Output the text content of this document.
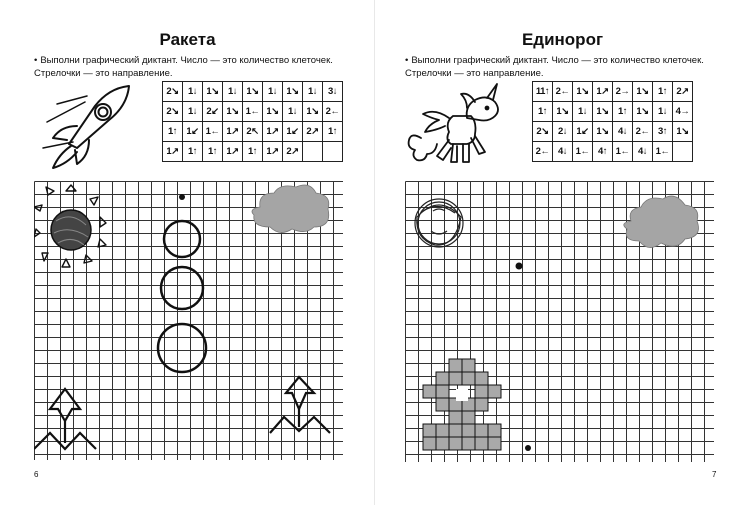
Ракета
• Выполни графический диктант. Число — это количество клеточек. Стрелочки — это направление.
2↘	1↓	1↘	1↓	1↘	1↓	1↘	1↓	3↓
2↘	1↓	2↙	1↘	1←	1↘	1↓	1↘	2←
1↑	1↙	1←	1↗	2↖	1↗	1↙	2↗	1↑
1↗	1↑	1↑	1↗	1↑	1↗	2↗		
6
Единорог
• Выполни графический диктант. Число — это количество клеточек. Стрелочки — это направление.
11↑	2←	1↘	1↗	2→	1↘	1↑	2↗
1↑	1↘	1↓	1↘	1↑	1↘	1↓	4→
2↘	2↓	1↙	1↘	4↓	2←	3↑	1↘
2←	4↓	1←	4↑	1←	4↓	1←	
7
